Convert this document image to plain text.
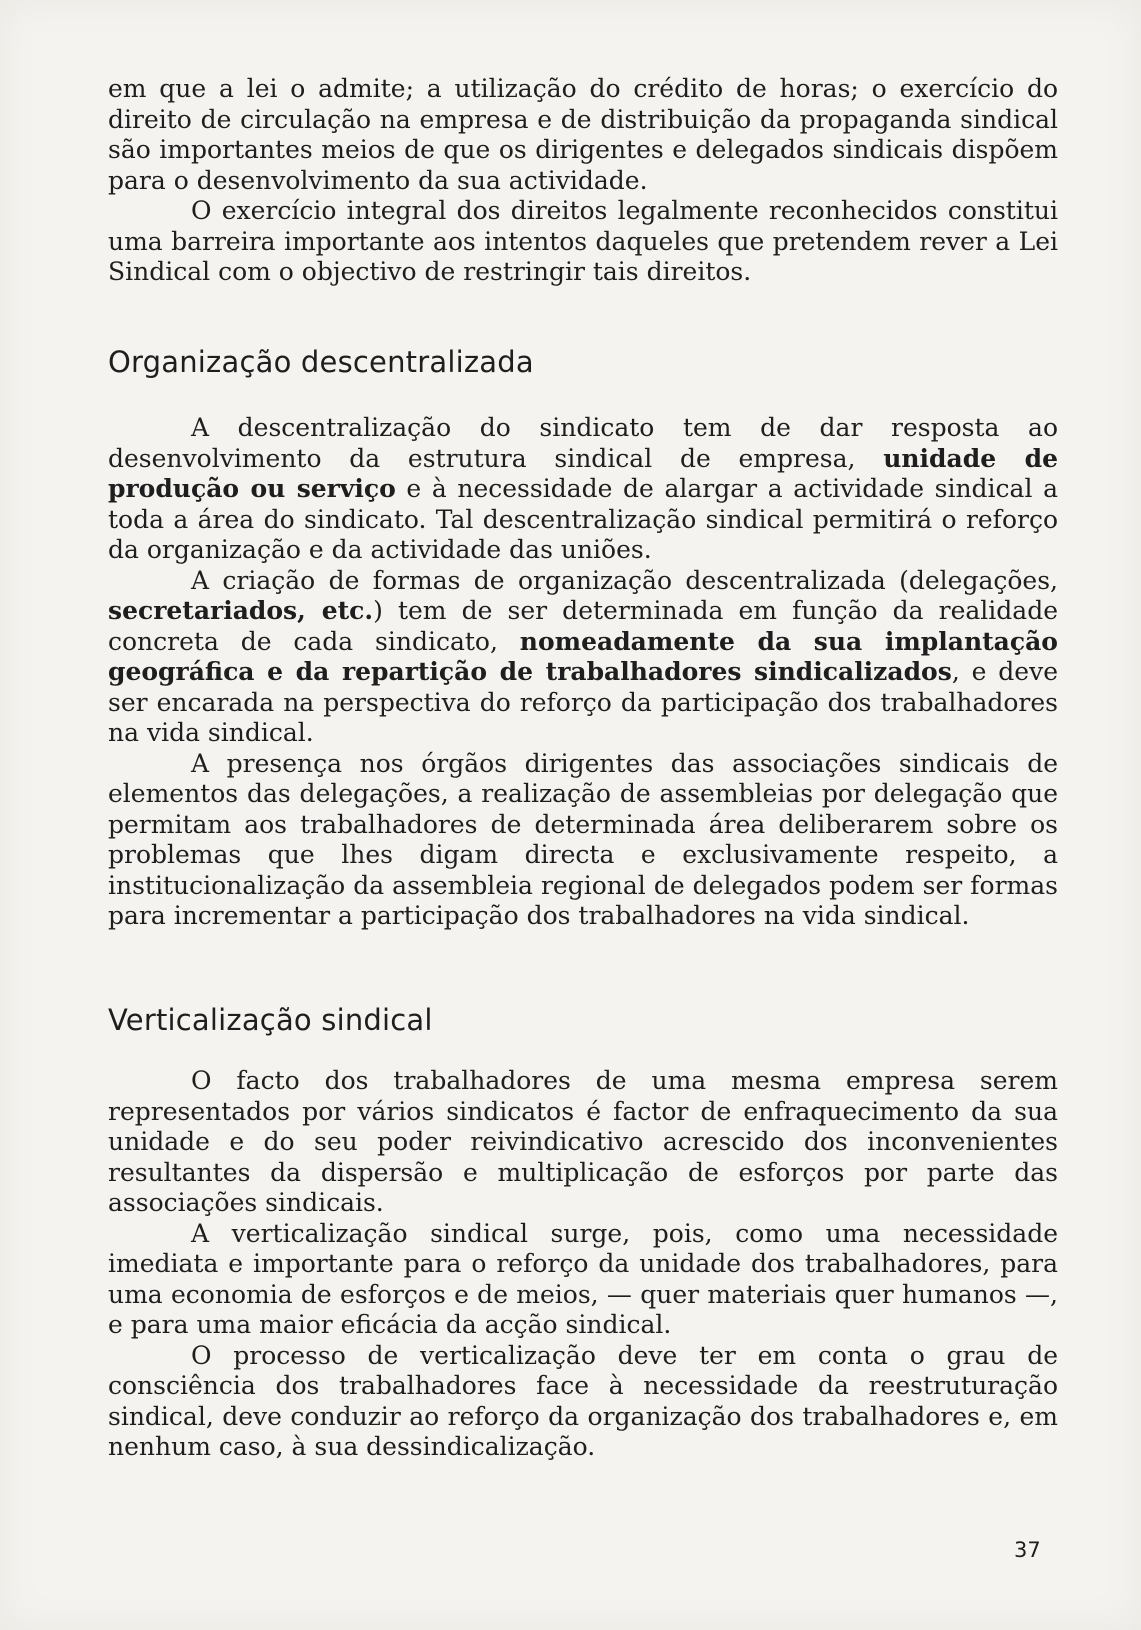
em que a lei o admite; a utilização do crédito de horas; o exercício do direito de circulação na empresa e de distribuição da propaganda sindical são importantes meios de que os dirigentes e delegados sindicais dispõem para o desenvolvimento da sua actividade.

O exercício integral dos direitos legalmente reconhecidos constitui uma barreira importante aos intentos daqueles que pretendem rever a Lei Sindical com o objectivo de restringir tais direitos.

Organização descentralizada

A descentralização do sindicato tem de dar resposta ao desenvolvimento da estrutura sindical de empresa, unidade de produção ou serviço e à necessidade de alargar a actividade sindical a toda a área do sindicato. Tal descentralização sindical permitirá o reforço da organização e da actividade das uniões.

A criação de formas de organização descentralizada (delegações, secretariados, etc.) tem de ser determinada em função da realidade concreta de cada sindicato, nomeadamente da sua implantação geográfica e da repartição de trabalhadores sindicalizados, e deve ser encarada na perspectiva do reforço da participação dos trabalhadores na vida sindical.

A presença nos órgãos dirigentes das associações sindicais de elementos das delegações, a realização de assembleias por delegação que permitam aos trabalhadores de determinada área deliberarem sobre os problemas que lhes digam directa e exclusivamente respeito, a institucionalização da assembleia regional de delegados podem ser formas para incrementar a participação dos trabalhadores na vida sindical.

Verticalização sindical

O facto dos trabalhadores de uma mesma empresa serem representados por vários sindicatos é factor de enfraquecimento da sua unidade e do seu poder reivindicativo acrescido dos inconvenientes resultantes da dispersão e multiplicação de esforços por parte das associações sindicais.

A verticalização sindical surge, pois, como uma necessidade imediata e importante para o reforço da unidade dos trabalhadores, para uma economia de esforços e de meios, — quer materiais quer humanos —, e para uma maior eficácia da acção sindical.

O processo de verticalização deve ter em conta o grau de consciência dos trabalhadores face à necessidade da reestruturação sindical, deve conduzir ao reforço da organização dos trabalhadores e, em nenhum caso, à sua dessindicalização.

37
